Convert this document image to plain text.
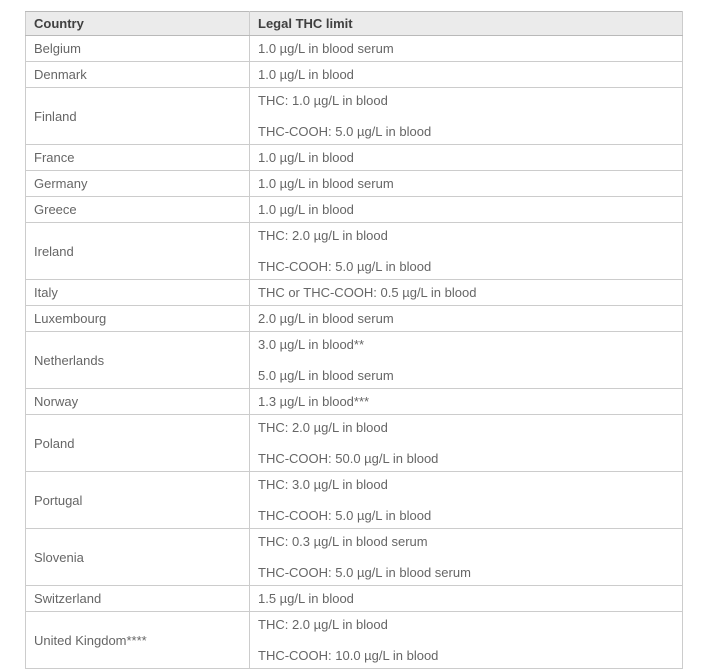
Country	Legal THC limit
Belgium	1.0 µg/L in blood serum

Denmark	1.0 µg/L in blood

Finland	THC: 1.0 µg/L in blood

THC-COOH: 5.0 µg/L in blood

France	1.0 µg/L in blood

Germany	1.0 µg/L in blood serum

Greece	1.0 µg/L in blood

Ireland	THC: 2.0 µg/L in blood

THC-COOH: 5.0 µg/L in blood

Italy	THC or THC-COOH: 0.5 µg/L in blood

Luxembourg	2.0 µg/L in blood serum

Netherlands	3.0 µg/L in blood**

5.0 µg/L in blood serum

Norway	1.3 µg/L in blood***

Poland	THC: 2.0 µg/L in blood

THC-COOH: 50.0 µg/L in blood

Portugal	THC: 3.0 µg/L in blood

THC-COOH: 5.0 µg/L in blood

Slovenia	THC: 0.3 µg/L in blood serum

THC-COOH: 5.0 µg/L in blood serum

Switzerland	1.5 µg/L in blood

United Kingdom****	THC: 2.0 µg/L in blood

THC-COOH: 10.0 µg/L in blood
